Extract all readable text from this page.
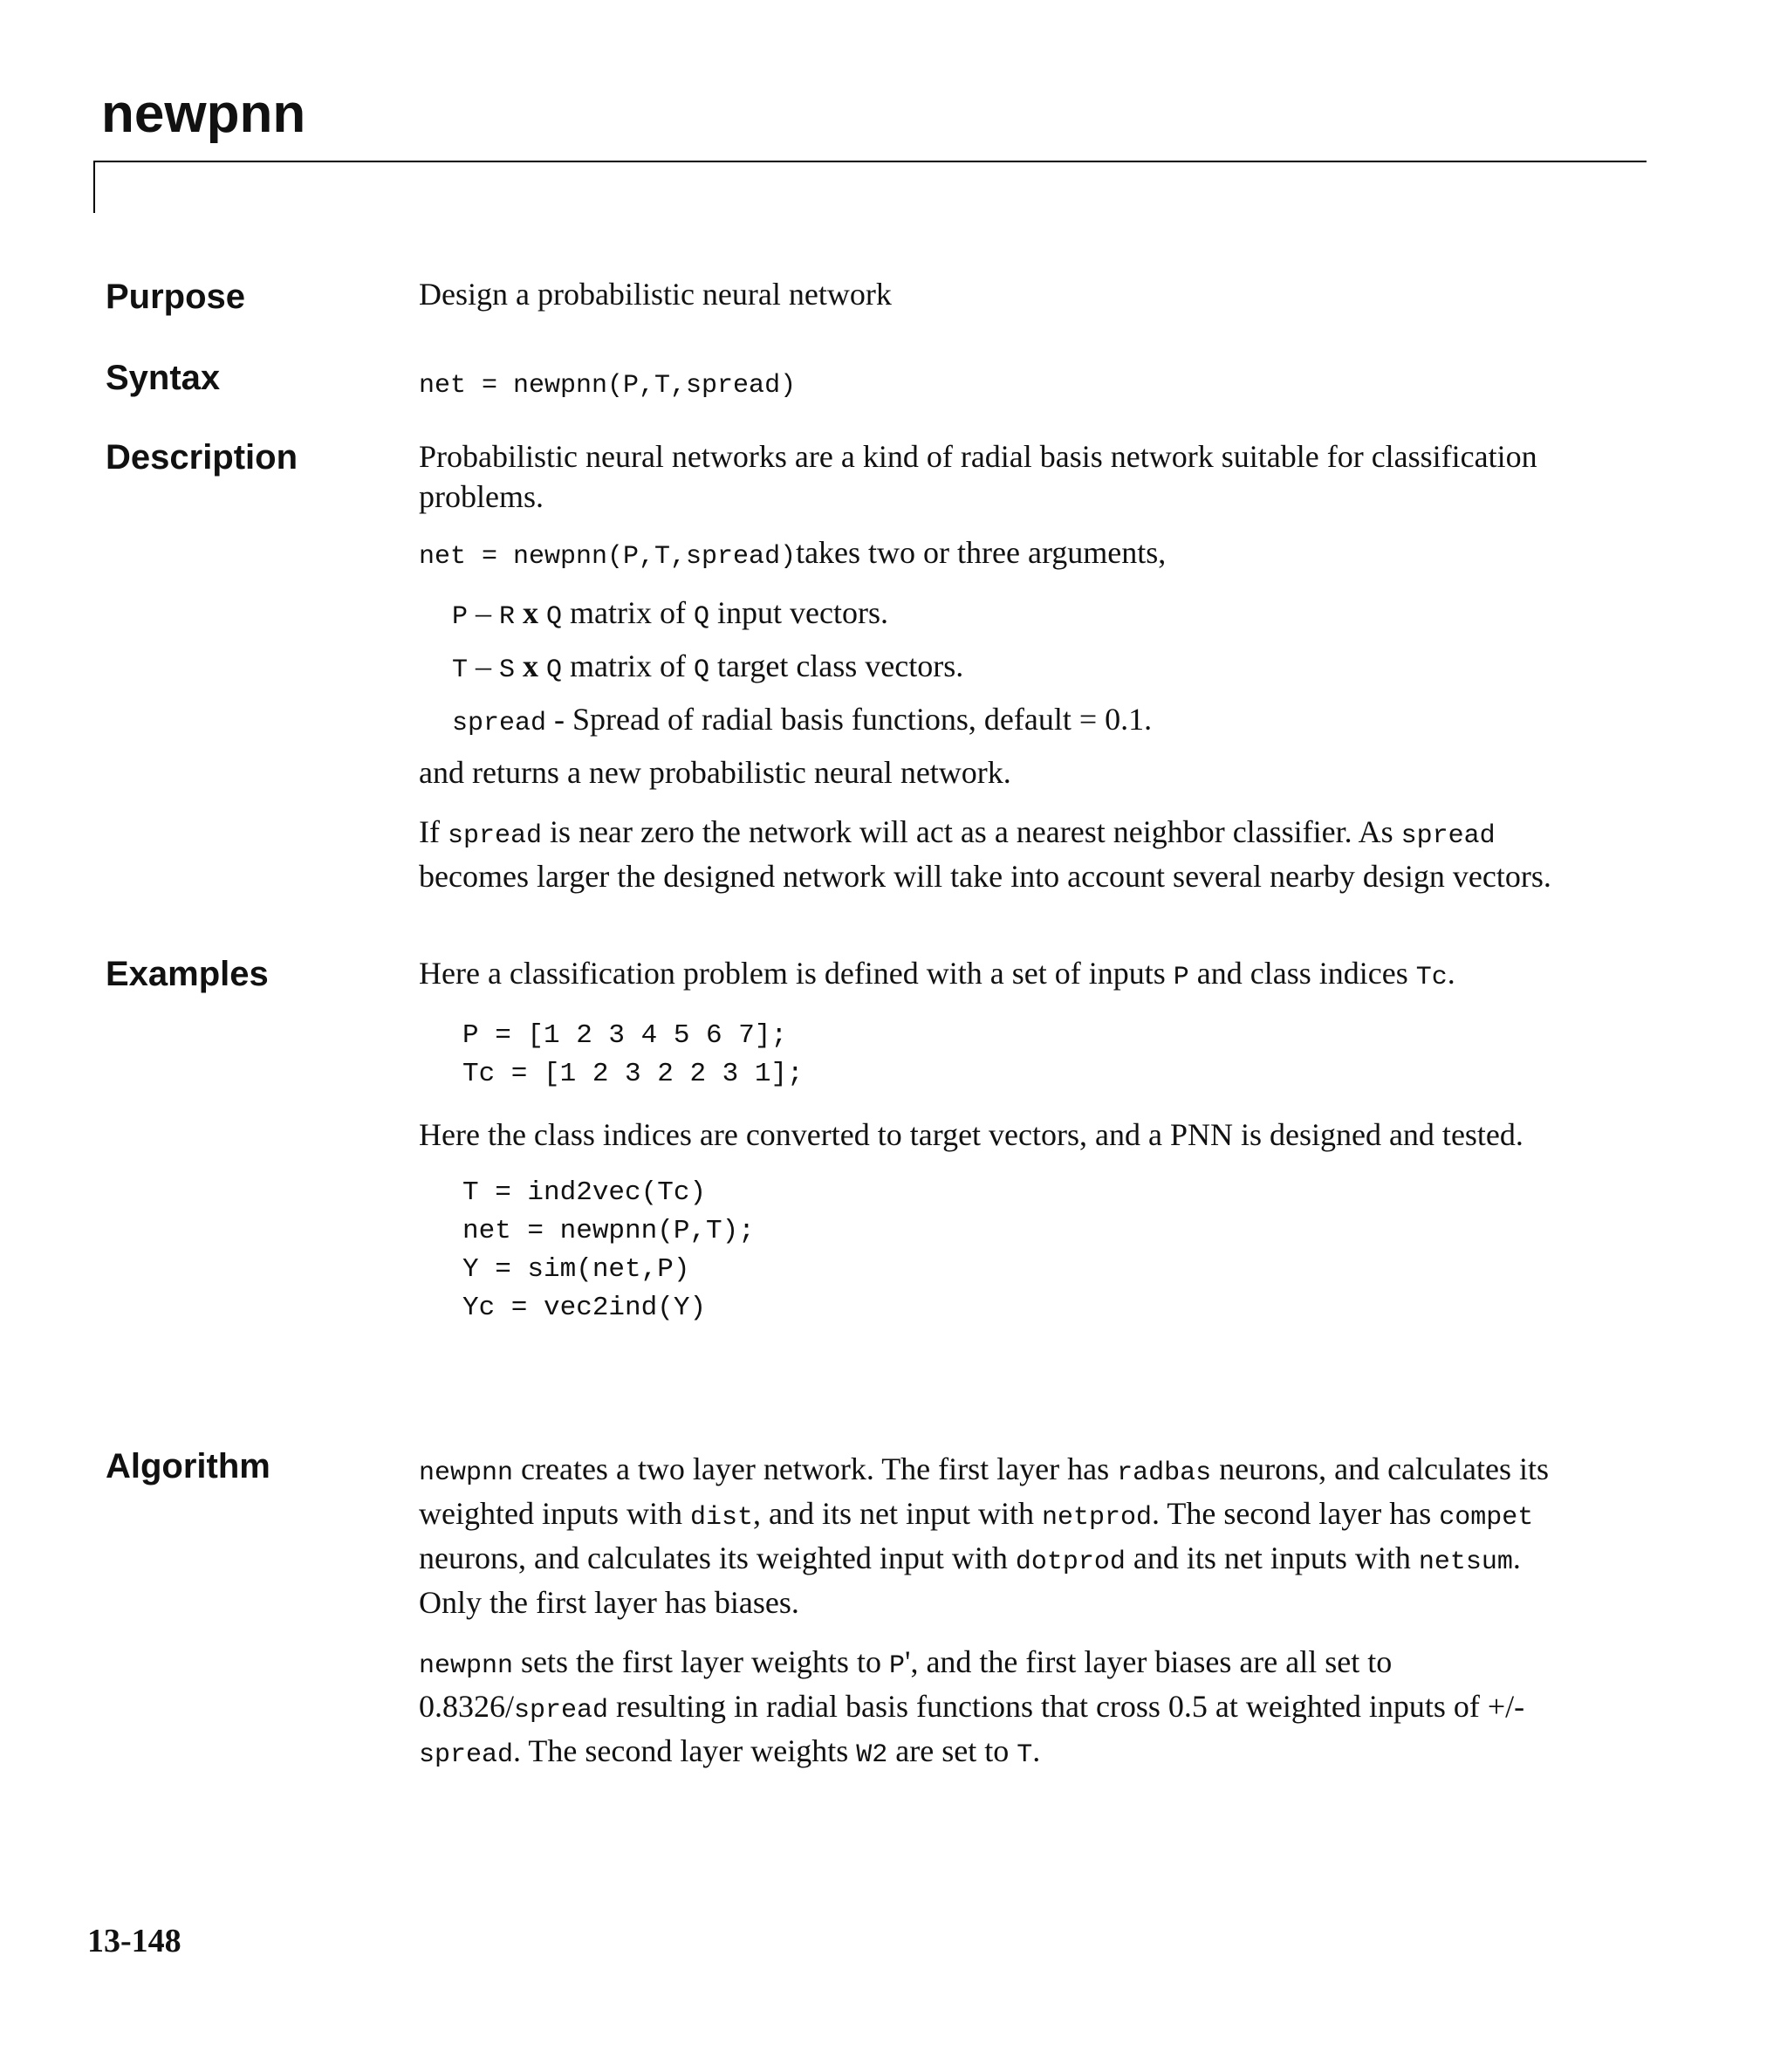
newpnn
Purpose	Design a probabilistic neural network

Syntax	net = newpnn(P,T,spread)

Description	Probabilistic neural networks are a kind of radial basis network suitable for classification problems.

net = newpnn(P,T,spread)takes two or three arguments,

P – R x Q matrix of Q input vectors.

T – S x Q matrix of Q target class vectors.

spread - Spread of radial basis functions, default = 0.1.

and returns a new probabilistic neural network.

If spread is near zero the network will act as a nearest neighbor classifier. As spread becomes larger the designed network will take into account several nearby design vectors.

Examples	Here a classification problem is defined with a set of inputs P and class indices Tc.

P = [1 2 3 4 5 6 7];
Tc = [1 2 3 2 2 3 1];

Here the class indices are converted to target vectors, and a PNN is designed and tested.

T = ind2vec(Tc)
net = newpnn(P,T);
Y = sim(net,P)
Yc = vec2ind(Y)
Algorithm	newpnn creates a two layer network. The first layer has radbas neurons, and calculates its weighted inputs with dist, and its net input with netprod. The second layer has compet neurons, and calculates its weighted input with dotprod and its net inputs with netsum. Only the first layer has biases.

newpnn sets the first layer weights to P', and the first layer biases are all set to 0.8326/spread resulting in radial basis functions that cross 0.5 at weighted inputs of +/- spread. The second layer weights W2 are set to T.

13-148
